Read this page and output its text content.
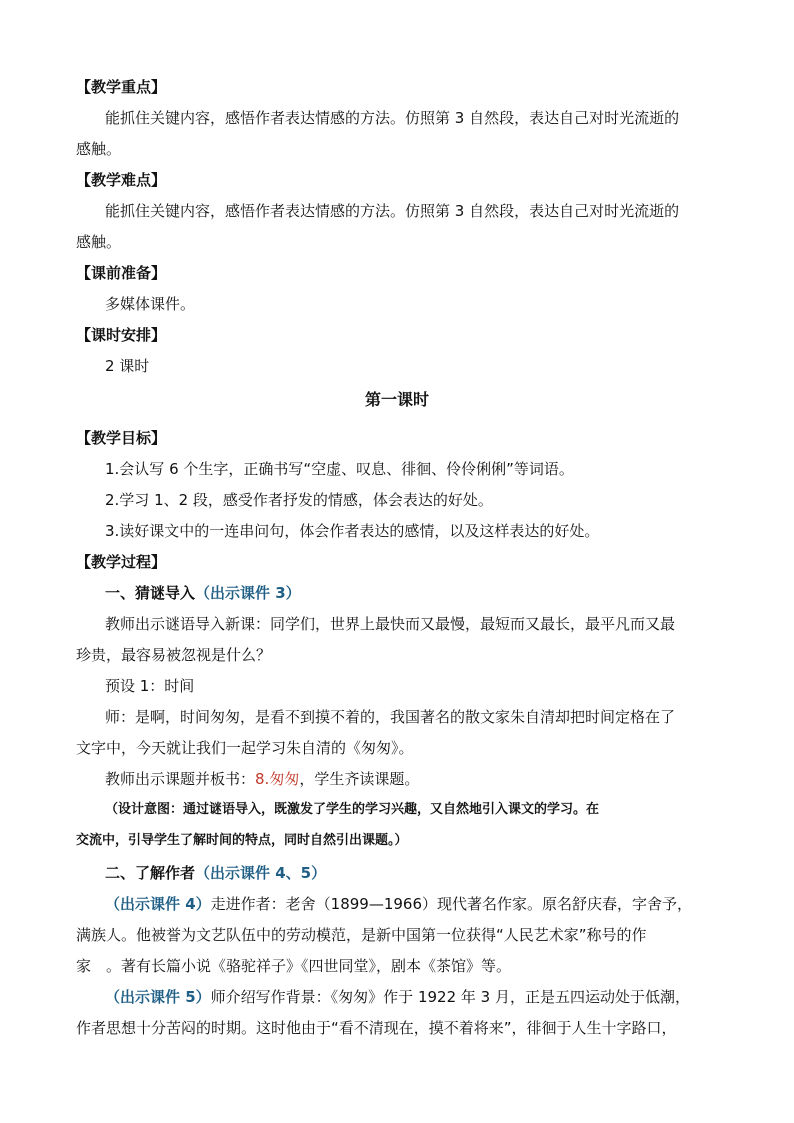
【教学重点】
能抓住关键内容，感悟作者表达情感的方法。仿照第 3 自然段，表达自己对时光流逝的
感触。
【教学难点】
能抓住关键内容，感悟作者表达情感的方法。仿照第 3 自然段，表达自己对时光流逝的
感触。
【课前准备】
多媒体课件。
【课时安排】
2 课时
第一课时
【教学目标】
1.会认写 6 个生字，正确书写“空虚、叹息、徘徊、伶伶俐俐”等词语。
2.学习 1、2 段，感受作者抒发的情感，体会表达的好处。
3.读好课文中的一连串问句，体会作者表达的感情，以及这样表达的好处。
【教学过程】
一、猜谜导入（出示课件 3）
教师出示谜语导入新课：同学们，世界上最快而又最慢，最短而又最长，最平凡而又最
珍贵，最容易被忽视是什么？
预设 1：时间
师：是啊，时间匆匆，是看不到摸不着的，我国著名的散文家朱自清却把时间定格在了
文字中，今天就让我们一起学习朱自清的《匆匆》。
教师出示课题并板书：8.匆匆，学生齐读课题。
（设计意图：通过谜语导入，既激发了学生的学习兴趣，又自然地引入课文的学习。在
交流中，引导学生了解时间的特点，同时自然引出课题。）
二、了解作者（出示课件 4、5）
（出示课件 4）走进作者：老舍（1899—1966）现代著名作家。原名舒庆春，字舍予，
满族人。他被誉为文艺队伍中的劳动模范，是新中国第一位获得“人民艺术家”称号的作
家　。著有长篇小说《骆驼祥子》《四世同堂》，剧本《茶馆》等。
（出示课件 5）师介绍写作背景：《匆匆》作于 1922 年 3 月，正是五四运动处于低潮，
作者思想十分苦闷的时期。这时他由于“看不清现在，摸不着将来”，徘徊于人生十字路口，
